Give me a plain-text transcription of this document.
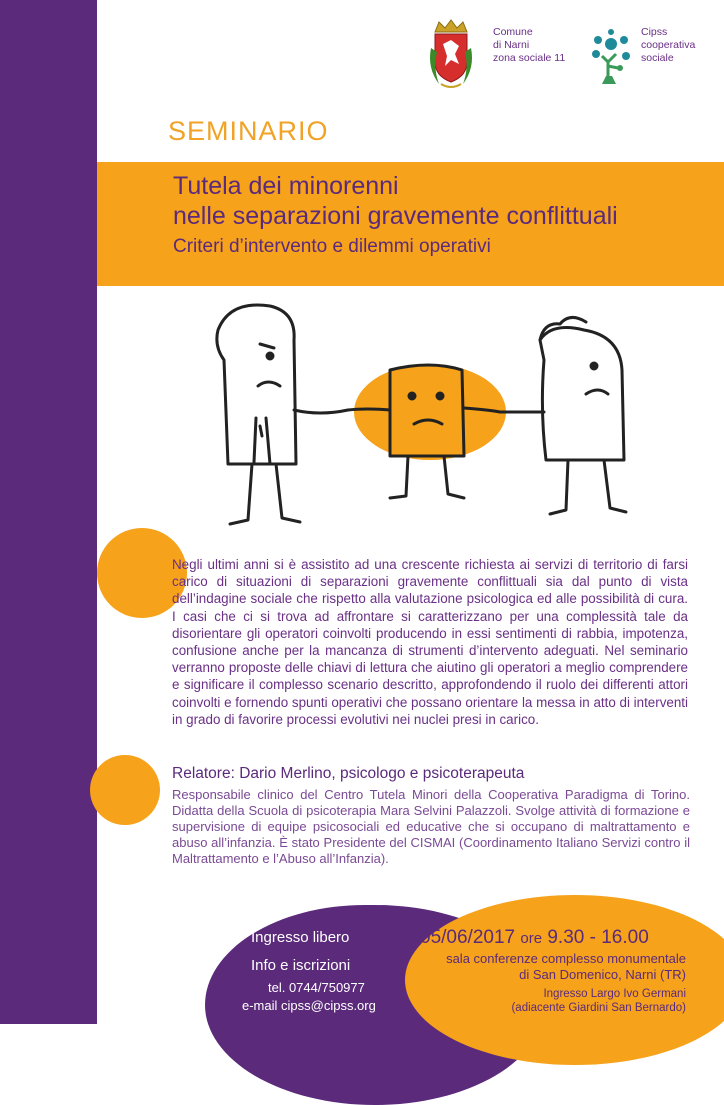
Comune
di Narni
zona sociale 11
Cipss
cooperativa
sociale
SEMINARIO
Tutela dei minorenni
nelle separazioni gravemente conflittuali
Criteri d’intervento e dilemmi operativi
Negli ultimi anni si è assistito ad una crescente richiesta ai servizi di territorio di farsi carico di situazioni di separazioni gravemente conflittuali sia dal punto di vista dell’indagine sociale che rispetto alla valutazione psicologica ed alle possibilità di cura. I casi che ci si trova ad affrontare si caratterizzano per una complessità tale da disorientare gli operatori coinvolti producendo in essi sentimenti di rabbia, impotenza, confusione anche per la mancanza di strumenti d’intervento adeguati. Nel seminario verranno proposte delle chiavi di lettura che aiutino gli operatori a meglio comprendere e significare il complesso scenario descritto, approfondendo il ruolo dei differenti attori coinvolti e fornendo spunti operativi che possano orientare la messa in atto di interventi in grado di favorire processi evolutivi nei nuclei presi in carico.
Relatore: Dario Merlino, psicologo e psicoterapeuta
Responsabile clinico del Centro Tutela Minori della Cooperativa Paradigma di Torino. Didatta della Scuola di psicoterapia Mara Selvini Palazzoli. Svolge attività di formazione e supervisione di equipe psicosociali ed educative che si occupano di maltrattamento e abuso all’infanzia. È stato Presidente del CISMAI (Coordinamento Italiano Servizi contro il Maltrattamento e l’Abuso all’Infanzia).
Ingresso libero
Info e iscrizioni
tel. 0744/750977
e-mail cipss@cipss.org
05/06/2017 ore 9.30 - 16.00
sala conferenze complesso monumentale
di San Domenico, Narni (TR)
Ingresso Largo Ivo Germani
(adiacente Giardini San Bernardo)
